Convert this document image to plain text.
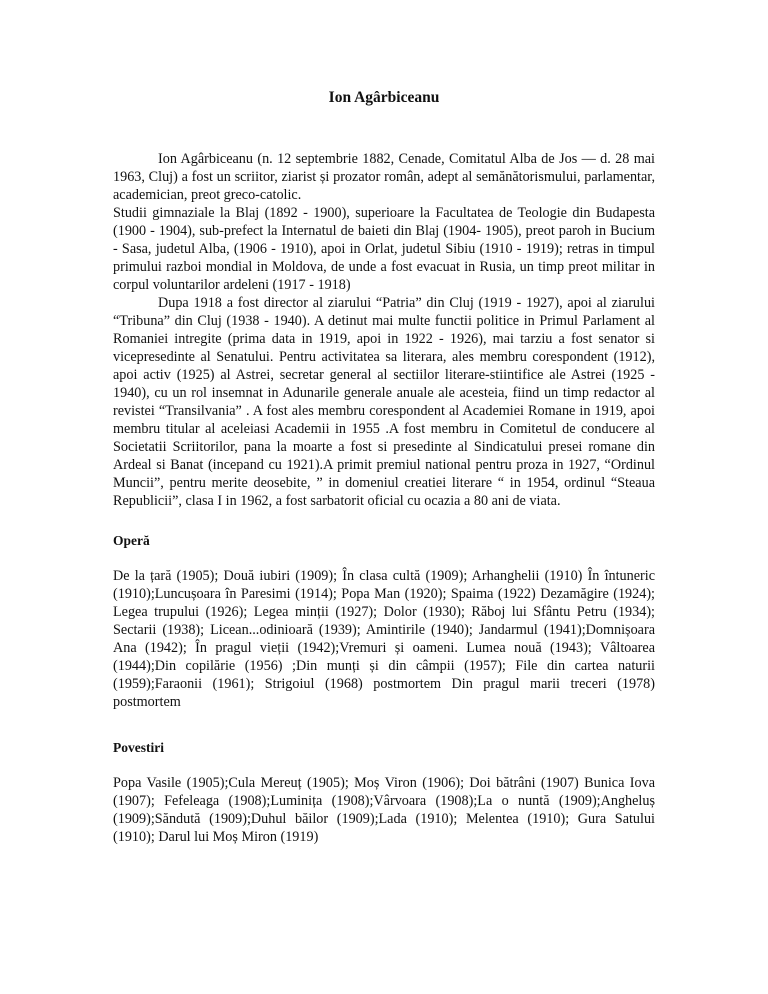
Ion Agârbiceanu

Ion Agârbiceanu (n. 12 septembrie 1882, Cenade, Comitatul Alba de Jos — d. 28 mai 1963, Cluj) a fost un scriitor, ziarist și prozator român, adept al semănătorismului, parlamentar, academician, preot greco-catolic.

Studii gimnaziale la Blaj (1892 - 1900), superioare la Facultatea de Teologie din Budapesta (1900 - 1904), sub-prefect la Internatul de baieti din Blaj (1904- 1905), preot paroh in Bucium - Sasa, judetul Alba, (1906 - 1910), apoi in Orlat, judetul Sibiu (1910 - 1919); retras in timpul primului razboi mondial in Moldova, de unde a fost evacuat in Rusia, un timp preot militar in corpul voluntarilor ardeleni (1917 - 1918)

Dupa 1918 a fost director al ziarului “Patria” din Cluj (1919 - 1927), apoi al ziarului “Tribuna” din Cluj (1938 - 1940). A detinut mai multe functii politice in Primul Parlament al Romaniei intregite (prima data in 1919, apoi in 1922 - 1926), mai tarziu a fost senator si vicepresedinte al Senatului. Pentru activitatea sa literara, ales membru corespondent (1912), apoi activ (1925) al Astrei, secretar general al sectiilor literare-stiintifice ale Astrei (1925 - 1940), cu un rol insemnat in Adunarile generale anuale ale acesteia, fiind un timp redactor al revistei “Transilvania” . A fost ales membru corespondent al Academiei Romane in 1919, apoi membru titular al aceleiasi Academii in 1955 .A fost membru in Comitetul de conducere al Societatii Scriitorilor, pana la moarte a fost si presedinte al Sindicatului presei romane din Ardeal si Banat (incepand cu 1921).A primit premiul national pentru proza in 1927, “Ordinul Muncii”, pentru merite deosebite, ” in domeniul creatiei literare “ in 1954, ordinul “Steaua Republicii”, clasa I in 1962, a fost sarbatorit oficial cu ocazia a 80 ani de viata.

Operă

De la țară (1905); Două iubiri (1909); În clasa cultă (1909); Arhanghelii (1910) În întuneric (1910);Lunсușoara în Paresimi (1914); Popa Man (1920); Spaima (1922) Dezamăgire (1924); Legea trupului (1926); Legea minții (1927); Dolor (1930); Răboj lui Sfântu Petru (1934); Sectarii (1938); Licean...odinioară (1939); Amintirile (1940); Jandarmul (1941);Domnișoara Ana (1942); În pragul vieții (1942);Vremuri și oameni. Lumea nouă (1943); Vâltoarea (1944);Din copilărie (1956) ;Din munți și din câmpii (1957); File din cartea naturii (1959);Faraonii (1961); Strigoiul (1968) postmortem Din pragul marii treceri (1978) postmortem

Povestiri

Popa Vasile (1905);Cula Mereuț (1905); Moș Viron (1906); Doi bătrâni (1907) Bunica Iova (1907); Fefeleaga (1908);Luminița (1908);Vârvoara (1908);La o nuntă (1909);Angheluș (1909);Săndută (1909);Duhul băilor (1909);Lada (1910); Melentea (1910); Gura Satului (1910); Darul lui Moș Miron (1919)
